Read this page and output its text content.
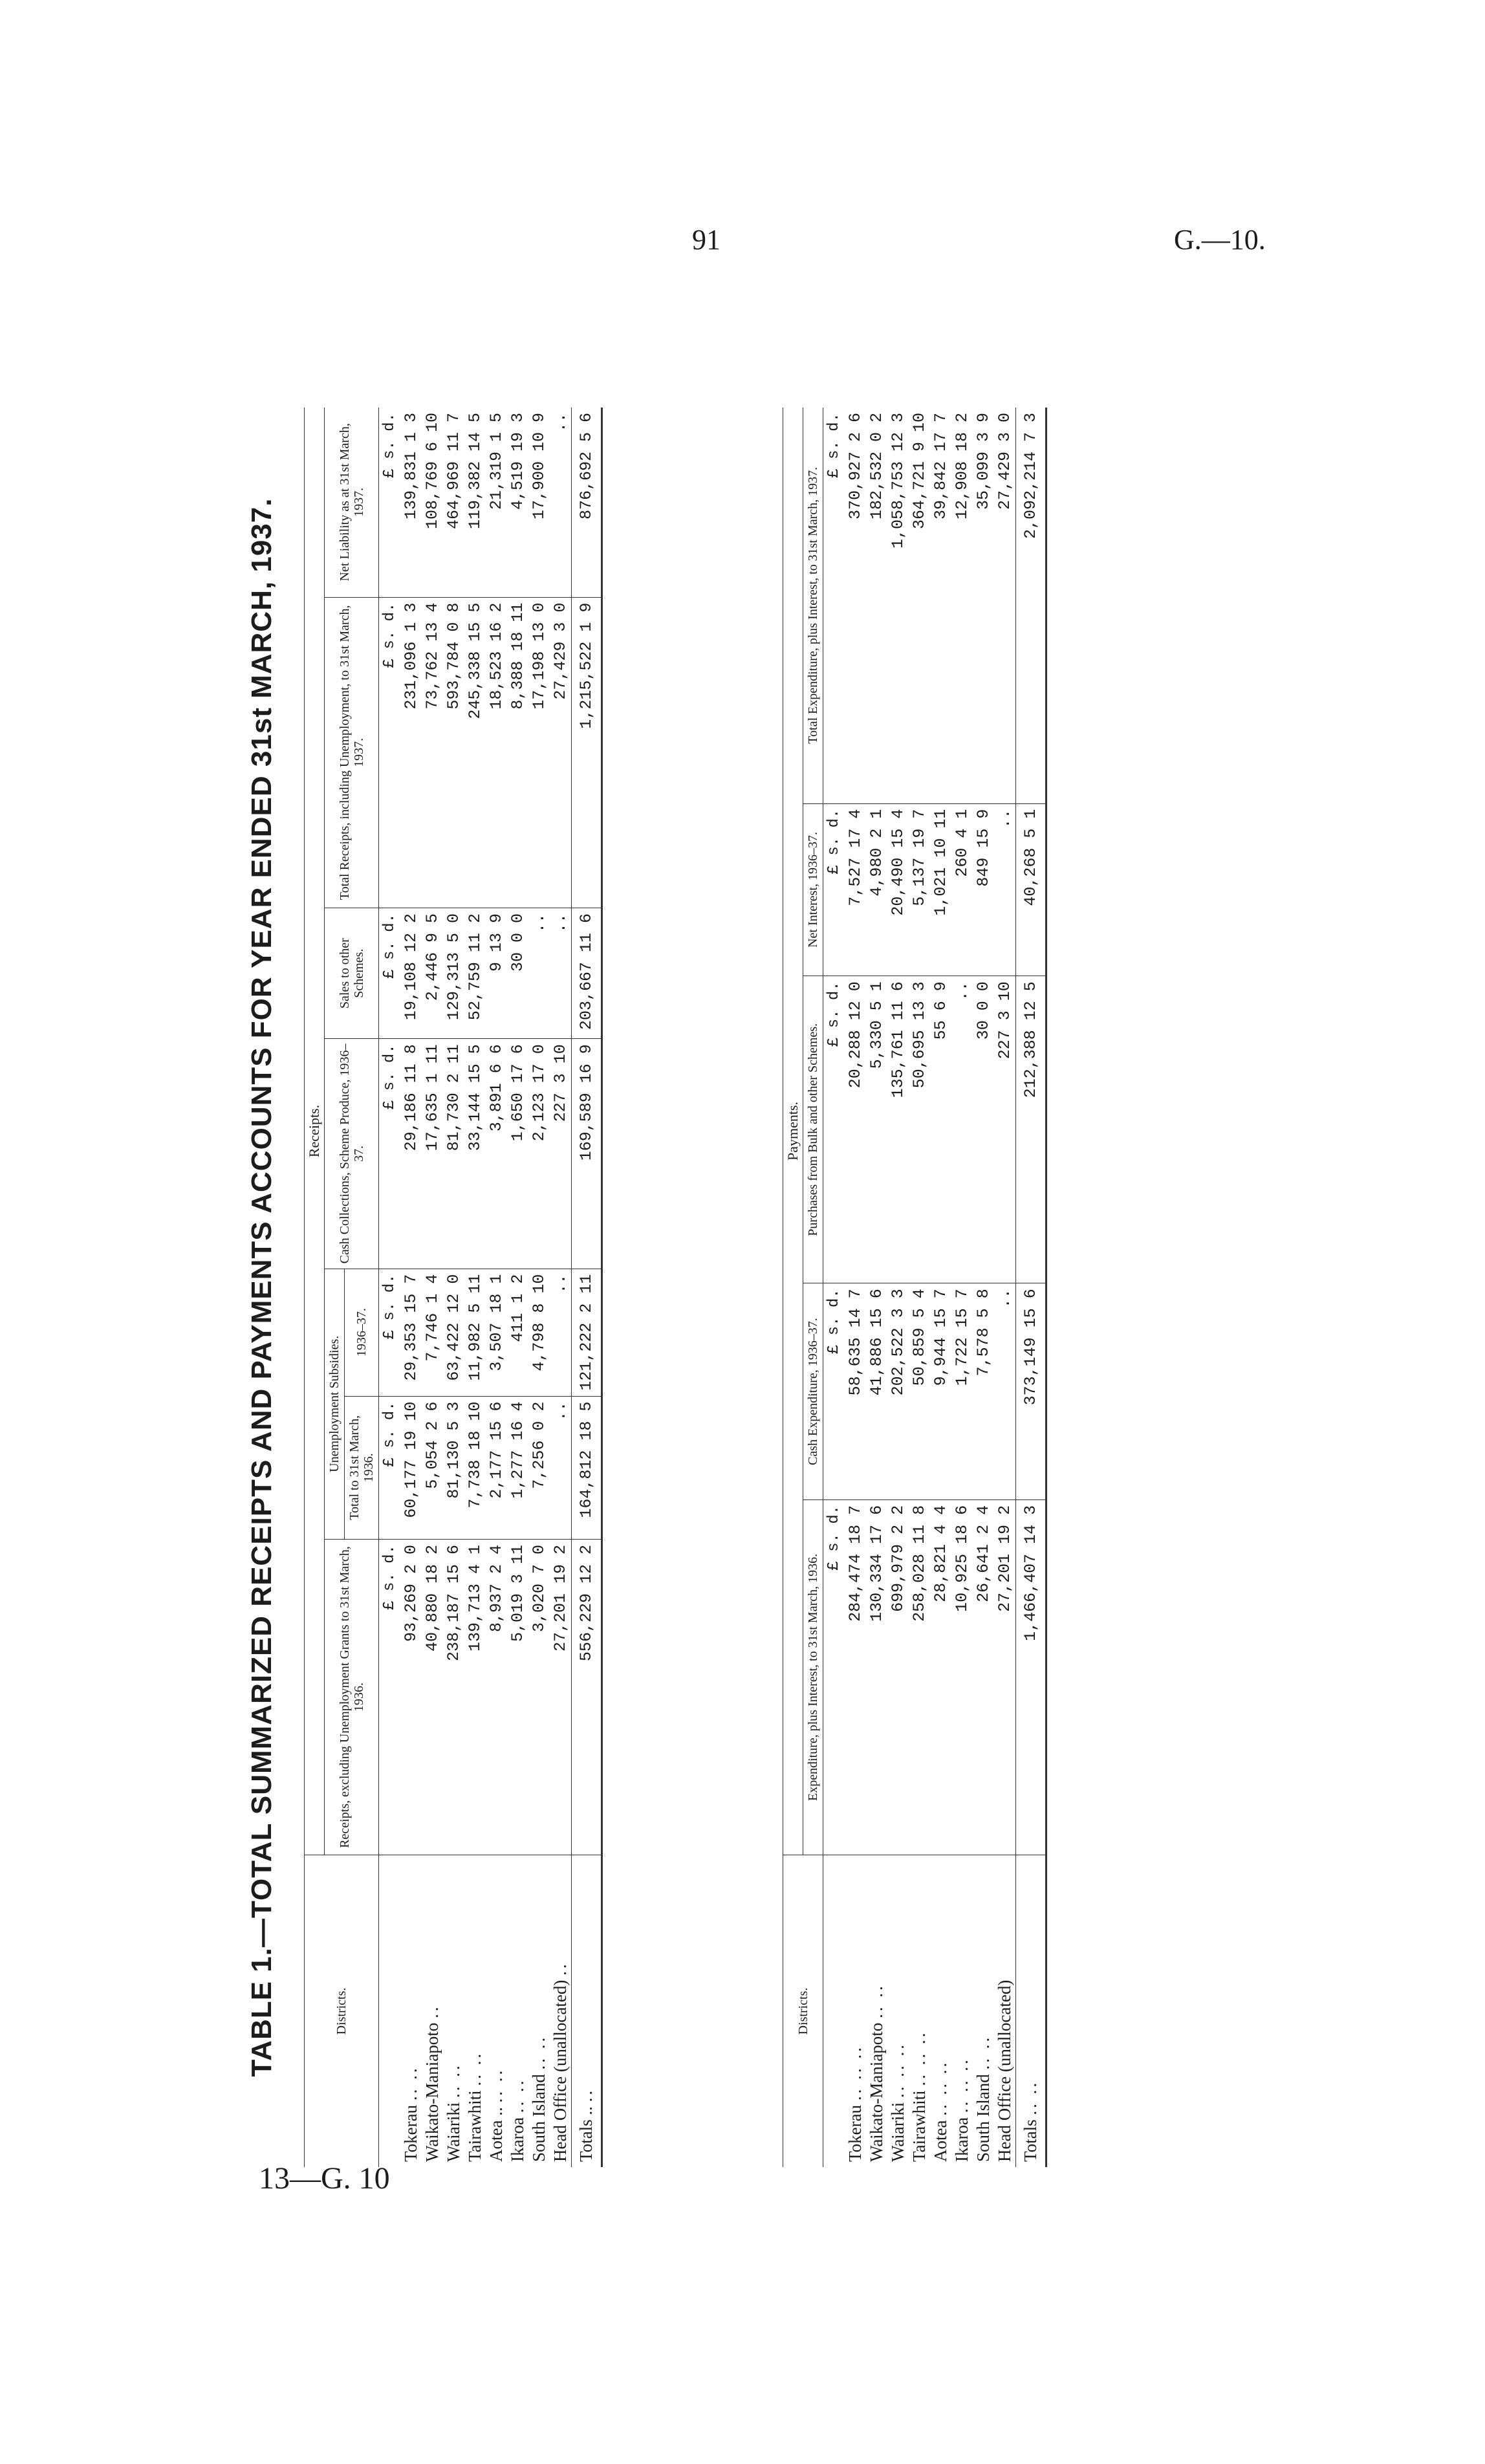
91	G.—10.
13—G. 10
TABLE 1.—TOTAL SUMMARIZED RECEIPTS AND PAYMENTS ACCOUNTS FOR YEAR ENDED 31st MARCH, 1937.	Districts.	Receipts.						
	Receipts, excluding Unemployment Grants to 31st March, 1936.	Unemployment Subsidies.		Cash Collections, Scheme Produce, 1936–37.	Sales to other Schemes.	Total Receipts, including Unemployment, to 31st March, 1937.	Net Liability as at 31st March, 1937.
		Total to 31st March, 1936.	1936–37.				
	£ s. d.	£ s. d.	£ s. d.	£ s. d.	£ s. d.	£ s. d.	£ s. d.
Tokerau .. ..	93,269 2 0	60,177 19 10	29,353 15 7	29,186 11 8	19,108 12 2	231,096 1 3	139,831 1 3
Waikato-Maniapoto ..	40,880 18 2	5,054 2 6	7,746 1 4	17,635 1 11	2,446 9 5	73,762 13 4	108,769 6 10
Waiariki .. ..	238,187 15 6	81,130 5 3	63,422 12 0	81,730 2 11	129,313 5 0	593,784 0 8	464,969 11 7
Tairawhiti .. ..	139,713 4 1	7,738 18 10	11,982 5 11	33,144 15 5	52,759 11 2	245,338 15 5	119,382 14 5
Aotea .. .. ..	8,937 2 4	2,177 15 6	3,507 18 1	3,891 6 6	9 13 9	18,523 16 2	21,319 1 5
Ikaroa .. ..	5,019 3 11	1,277 16 4	411 1 2	1,650 17 6	30 0 0	8,388 18 11	4,519 19 3
South Island .. ..	3,020 7 0	7,256 0 2	4,798 8 10	2,123 17 0	..	17,198 13 0	17,900 10 9
Head Office (unallocated) ..	27,201 19 2	..	..	227 3 10	..	27,429 3 0	..
Totals .. ..	556,229 12 2	164,812 18 5	121,222 2 11	169,589 16 9	203,667 11 6	1,215,522 1 9	876,692 5 6
Districts.	Payments.				
	Expenditure, plus Interest, to 31st March, 1936.	Cash Expenditure, 1936–37.	Purchases from Bulk and other Schemes.	Net Interest, 1936–37.	Total Expenditure, plus Interest, to 31st March, 1937.
	£ s. d.	£ s. d.	£ s. d.	£ s. d.	£ s. d.
Tokerau .. .. ..	284,474 18 7	58,635 14 7	20,288 12 0	7,527 17 4	370,927 2 6
Waikato-Maniapoto .. ..	130,334 17 6	41,886 15 6	5,330 5 1	4,980 2 1	182,532 0 2
Waiariki .. .. ..	699,979 2 2	202,522 3 3	135,761 11 6	20,490 15 4	1,058,753 12 3
Tairawhiti .. .. ..	258,028 11 8	50,859 5 4	50,695 13 3	5,137 19 7	364,721 9 10
Aotea .. .. ..	28,821 4 4	9,944 15 7	55 6 9	1,021 10 11	39,842 17 7
Ikaroa .. .. ..	10,925 18 6	1,722 15 7	..	260 4 1	12,908 18 2
South Island .. ..	26,641 2 4	7,578 5 8	30 0 0	849 15 9	35,099 3 9
Head Office (unallocated)	27,201 19 2	..	227 3 10	..	27,429 3 0
Totals .. ..	1,466,407 14 3	373,149 15 6	212,388 12 5	40,268 5 1	2,092,214 7 3
